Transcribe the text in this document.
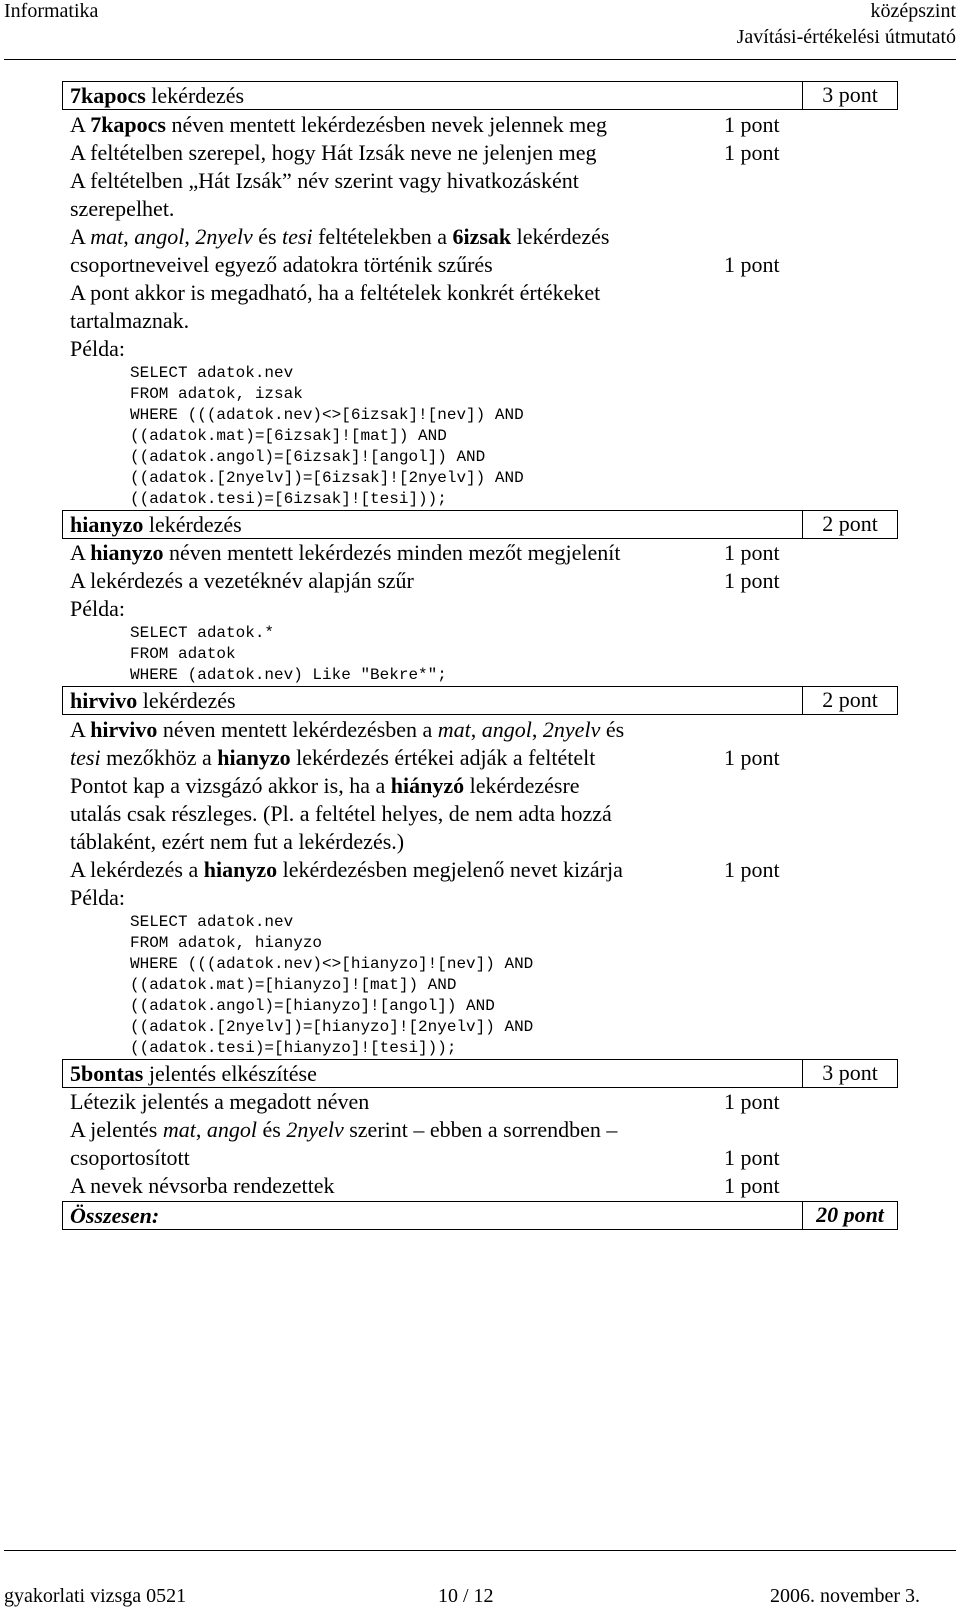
Informatika	középszint
Javítási-értékelési útmutató
7kapocs lekérdezés	3 pont
A 7kapocs néven mentett lekérdezésben nevek jelennek meg	1 pont
A feltételben szerepel, hogy Hát Izsák neve ne jelenjen meg	1 pont
A feltételben „Hát Izsák” név szerint vagy hivatkozásként
szerepelhet.
A mat, angol, 2nyelv és tesi feltételekben a 6izsak lekérdezés
csoportneveivel egyező adatokra történik szűrés	1 pont
A pont akkor is megadható, ha a feltételek konkrét értékeket
tartalmaznak.
Példa:
SELECT adatok.nev
FROM adatok, izsak
WHERE (((adatok.nev)<>[6izsak]![nev]) AND
((adatok.mat)=[6izsak]![mat]) AND
((adatok.angol)=[6izsak]![angol]) AND
((adatok.[2nyelv])=[6izsak]![2nyelv]) AND
((adatok.tesi)=[6izsak]![tesi]));
hianyzo lekérdezés	2 pont
A hianyzo néven mentett lekérdezés minden mezőt megjelenít	1 pont
A lekérdezés a vezetéknév alapján szűr	1 pont
Példa:
SELECT adatok.*
FROM adatok
WHERE (adatok.nev) Like "Bekre*";
hirvivo lekérdezés	2 pont
A hirvivo néven mentett lekérdezésben a mat, angol, 2nyelv és
tesi mezőkhöz a hianyzo lekérdezés értékei adják a feltételt	1 pont
Pontot kap a vizsgázó akkor is, ha a hiányzó lekérdezésre
utalás csak részleges. (Pl. a feltétel helyes, de nem adta hozzá
táblaként, ezért nem fut a lekérdezés.)
A lekérdezés a hianyzo lekérdezésben megjelenő nevet kizárja	1 pont
Példa:
SELECT adatok.nev
FROM adatok, hianyzo
WHERE (((adatok.nev)<>[hianyzo]![nev]) AND
((adatok.mat)=[hianyzo]![mat]) AND
((adatok.angol)=[hianyzo]![angol]) AND
((adatok.[2nyelv])=[hianyzo]![2nyelv]) AND
((adatok.tesi)=[hianyzo]![tesi]));
5bontas jelentés elkészítése	3 pont
Létezik jelentés a megadott néven	1 pont
A jelentés mat, angol és 2nyelv szerint – ebben a sorrendben –
csoportosított	1 pont
A nevek névsorba rendezettek	1 pont
Összesen:	20 pont
gyakorlati vizsga 0521	10 / 12	2006. november 3.
